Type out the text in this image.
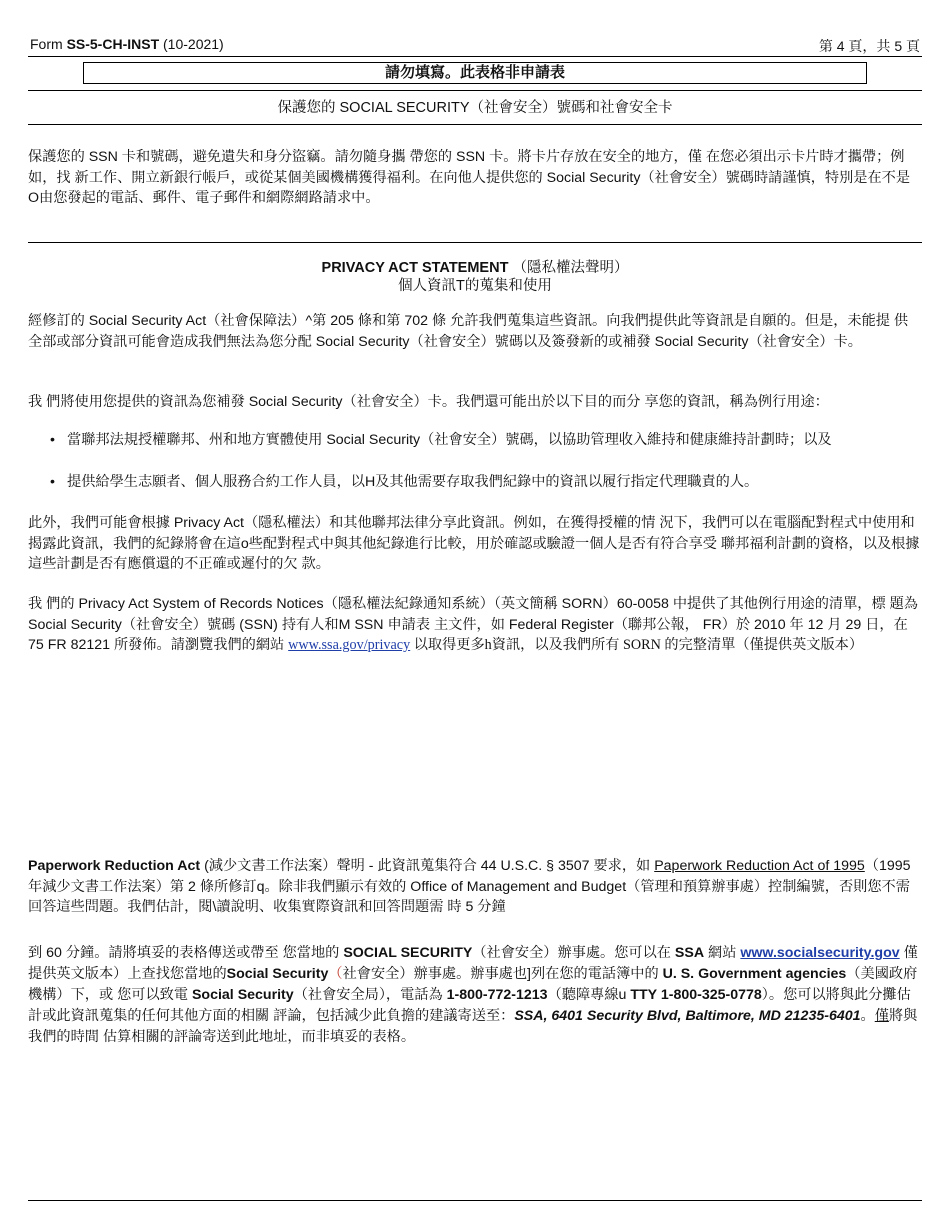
Form SS-5-CH-INST (10-2021)	第 4 頁，共 5 頁
請勿填寫。此表格非申請表
保護您的 SOCIAL SECURITY（社會安全）號碼和社會安全卡

保護您的 SSN 卡和號碼，避免遺失和身分盜竊。請勿隨身攜 帶您的 SSN 卡。將卡片存放在安全的地方，僅 在您必須出示卡片時才攜帶；例如，找 新工作、開立新銀行帳戶，或從某個美國機構獲得福利。在向他人提供您的 Social Security（社會安全）號碼時請謹慎，特別是在不是O由您發起的電話、郵件、電子郵件和網際網路請求中。

PRIVACY ACT STATEMENT （隱私權法聲明）
個人資訊T的蒐集和使用

經修訂的 Social Security Act（社會保障法）^第 205 條和第 702 條 允許我們蒐集這些資訊。向我們提供此等資訊是自願的。但是，未能提 供全部或部分資訊可能會造成我們無法為您分配 Social Security（社會安全）號碼以及簽發新的或補發 Social Security（社會安全）卡。

我 們將使用您提供的資訊為您補發 Social Security（社會安全）卡。我們還可能出於以下目的而分 享您的資訊，稱為例行用途：

• 當聯邦法規授權聯邦、州和地方實體使用 Social Security（社會安全）號碼，以協助管理收入維持和健康維持計劃時；以及
• 提供給學生志願者、個人服務合約工作人員，以H及其他需要存取我們紀錄中的資訊以履行指定代理職責的人。

此外，我們可能會根據 Privacy Act（隱私權法）和其他聯邦法律分享此資訊。例如，在獲得授權的情 況下，我們可以在電腦配對程式中使用和揭露此資訊，我們的紀錄將會在這o些配對程式中與其他紀錄進行比較，用於確認或驗證一個人是否有符合享受 聯邦福利計劃的資格，以及根據這些計劃是否有應償還的不正確或遲付的欠 款。

我 們的 Privacy Act System of Records Notices（隱私權法紀錄通知系統）（英文簡稱 SORN）60-0058 中提供了其他例行用途的清單，標 題為 Social Security（社會安全）號碼 (SSN) 持有人和M SSN 申請表 主文件，如 Federal Register（聯邦公報， FR）於 2010 年 12 月 29 日，在 75 FR 82121 所發佈。請瀏覽我們的網站 www.ssa.gov/privacy 以取得更多h資訊，以及我們所有 SORN 的完整清單（僅提供英文版本）

Paperwork Reduction Act (減少文書工作法案）聲明 - 此資訊蒐集符合 44 U.S.C. § 3507 要求，如 Paperwork Reduction Act of 1995（1995 年減少文書工作法案）第 2 條所修訂q。除非我們顯示有效的 Office of Management and Budget（管理和預算辦事處）控制編號，否則您不需回答這些問題。我們估計，閱\讀說明、收集實際資訊和回答問題需 時 5 分鐘

到 60 分鐘。請將填妥的表格傳送或帶至 您當地的 SOCIAL SECURITY（社會安全）辦事處。您可以在 SSA 網站 www.socialsecurity.gov 僅提供英文版本）上查找您當地的Social Security（社會安全）辦事處。辦事處也]列在您的電話簿中的 U. S. Government agencies（美國政府機構）下，或 您可以致電 Social Security（社會安全局），電話為 1-800-772-1213（聽障專線u TTY 1-800-325-0778）。您可以將與此分攤估計或此資訊蒐集的任何其他方面的相關 評論，包括減少此負擔的建議寄送至：SSA, 6401 Security Blvd, Baltimore, MD 21235-6401。僅將與我們的時間 估算相關的評論寄送到此地址，而非填妥的表格。
